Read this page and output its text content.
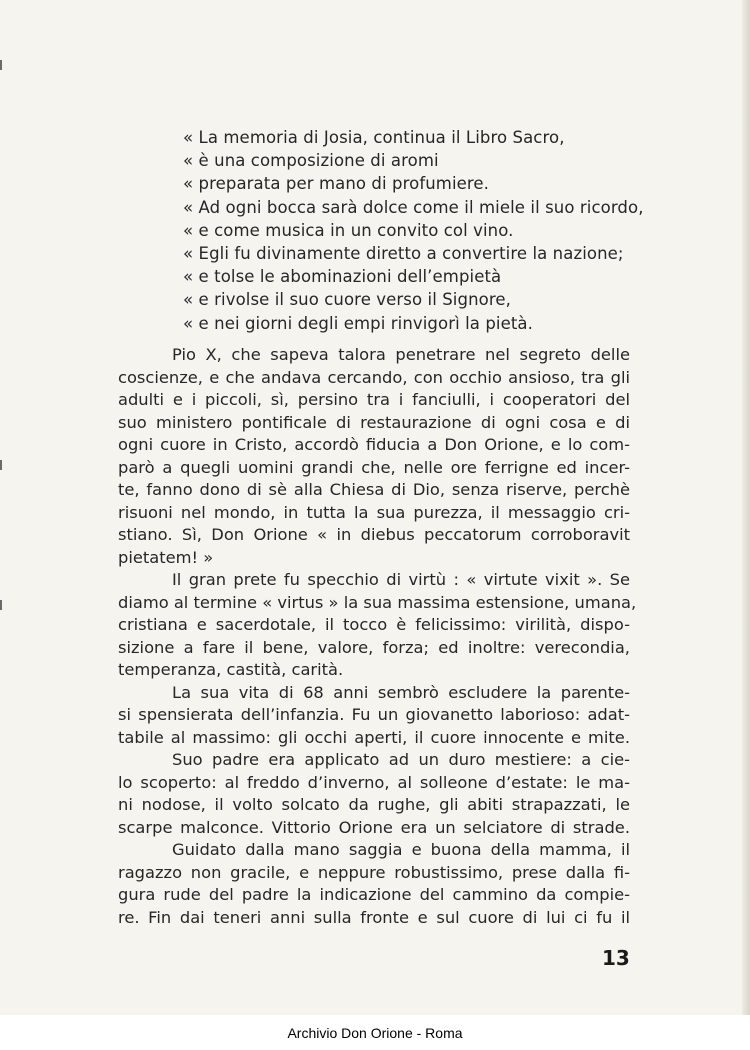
« La memoria di Josia, continua il Libro Sacro,
« è una composizione di aromi
« preparata per mano di profumiere.
« Ad ogni bocca sarà dolce come il miele il suo ricordo,
« e come musica in un convito col vino.
« Egli fu divinamente diretto a convertire la nazione;
« e tolse le abominazioni dell’empietà
« e rivolse il suo cuore verso il Signore,
« e nei giorni degli empi rinvigorì la pietà.
Pio X, che sapeva talora penetrare nel segreto delle
coscienze, e che andava cercando, con occhio ansioso, tra gli
adulti e i piccoli, sì, persino tra i fanciulli, i cooperatori del
suo ministero pontificale di restaurazione di ogni cosa e di
ogni cuore in Cristo, accordò fiducia a Don Orione, e lo com-
parò a quegli uomini grandi che, nelle ore ferrigne ed incer-
te, fanno dono di sè alla Chiesa di Dio, senza riserve, perchè
risuoni nel mondo, in tutta la sua purezza, il messaggio cri-
stiano. Sì, Don Orione « in diebus peccatorum corroboravit
pietatem! »
Il gran prete fu specchio di virtù : « virtute vixit ». Se
diamo al termine « virtus » la sua massima estensione, umana,
cristiana e sacerdotale, il tocco è felicissimo: virilità, dispo-
sizione a fare il bene, valore, forza; ed inoltre: verecondia,
temperanza, castità, carità.
La sua vita di 68 anni sembrò escludere la parente-
si spensierata dell’infanzia. Fu un giovanetto laborioso: adat-
tabile al massimo: gli occhi aperti, il cuore innocente e mite.
Suo padre era applicato ad un duro mestiere: a cie-
lo scoperto: al freddo d’inverno, al solleone d’estate: le ma-
ni nodose, il volto solcato da rughe, gli abiti strapazzati, le
scarpe malconce. Vittorio Orione era un selciatore di strade.
Guidato dalla mano saggia e buona della mamma, il
ragazzo non gracile, e neppure robustissimo, prese dalla fi-
gura rude del padre la indicazione del cammino da compie-
re. Fin dai teneri anni sulla fronte e sul cuore di lui ci fu il
13
Archivio Don Orione - Roma
